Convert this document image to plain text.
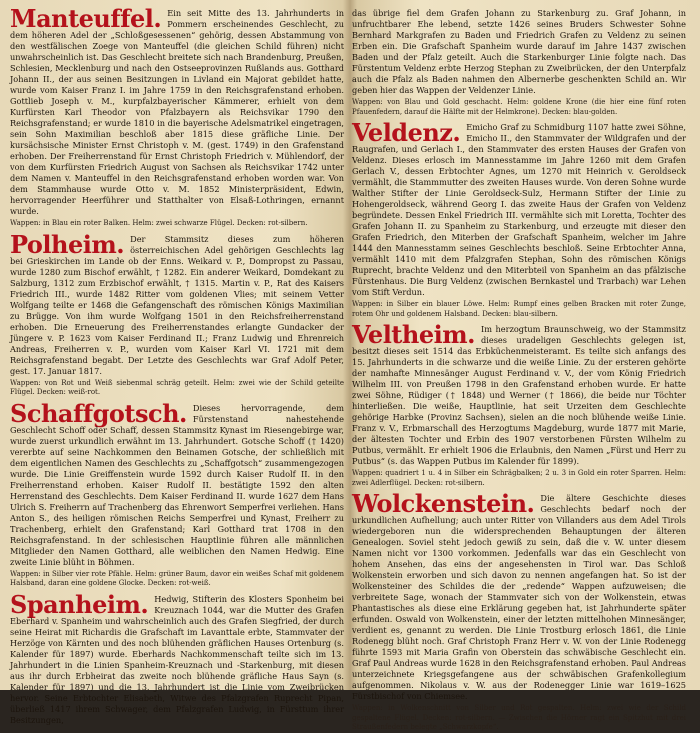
Manteuffel. Ein seit Mitte des 13. Jahrhunderts in Pommern erscheinendes Geschlecht, zu dem höheren Adel der „Schloßgesessenen“ gehörig, dessen Abstammung von den westfälischen Zoege von Manteuffel (die gleichen Schild führen) nicht unwahrscheinlich ist. Das Geschlecht breitete sich nach Brandenburg, Preußen, Schlesien, Mecklenburg und nach den Ostseeprovinzen Rußlands aus. Gotthard Johann II., der aus seinen Besitzungen in Livland ein Majorat gebildet hatte, wurde vom Kaiser Franz I. im Jahre 1759 in den Reichsgrafenstand erhoben. Gottlieb Joseph v. M., kurpfalzbayerischer Kämmerer, erhielt von dem Kurfürsten Karl Theodor von Pfalzbayern als Reichsvikar 1790 den Reichsgrafenstand; er wurde 1810 in die bayerische Adelsmatrikel eingetragen, sein Sohn Maximilian beschloß aber 1815 diese gräfliche Linie. Der kursächsische Minister Ernst Christoph v. M. (gest. 1749) in den Grafenstand erhoben. Der Freiherrenstand für Ernst Christoph Friedrich v. Mühlendorf, der von dem Kurfürsten Friedrich August von Sachsen als Reichsvikar 1742 unter dem Namen v. Manteuffel in den Reichsgrafenstand erhoben worden war. Von dem Stammhause wurde Otto v. M. 1852 Ministerpräsident, Edwin, hervorragender Heerführer und Statthalter von Elsaß-Lothringen, ernannt wurde.
Wappen: in Blau ein roter Balken. Helm: zwei schwarze Flügel. Decken: rot-silbern.
Polheim. Der Stammsitz dieses zum höheren österreichischen Adel gehörigen Geschlechts lag bei Grieskirchen im Lande ob der Enns. Weikard v. P., Dompropst zu Passau, wurde 1280 zum Bischof erwählt, † 1282. Ein anderer Weikard, Domdekant zu Salzburg, 1312 zum Erzbischof erwählt, † 1315. Martin v. P., Rat des Kaisers Friedrich III., wurde 1482 Ritter vom goldenen Vlies; mit seinem Vetter Wolfgang teilte er 1468 die Gefangenschaft des römischen Königs Maximilian zu Brügge. Von ihm wurde Wolfgang 1501 in den Reichsfreiherrenstand erhoben. Die Erneuerung des Freiherrenstandes erlangte Gundacker der Jüngere v. P. 1623 vom Kaiser Ferdinand II.; Franz Ludwig und Ehrenreich Andreas, Freiherren v. P., wurden vom Kaiser Karl VI. 1721 mit dem Reichsgrafenstand begabt. Der Letzte des Geschlechts war Graf Adolf Peter, gest. 17. Januar 1817.
Wappen: von Rot und Weiß siebenmal schräg geteilt. Helm: zwei wie der Schild geteilte Flügel. Decken: weiß-rot.
Schaffgotsch. Dieses hervorragende, dem Fürstenstand nahestehende Geschlecht Schoff oder Schaff, dessen Stammsitz Kynast im Riesengebirge war, wurde zuerst urkundlich erwähnt im 13. Jahrhundert. Gotsche Schoff († 1420) vererbte auf seine Nachkommen den Beinamen Gotsche, der schließlich mit dem eigentlichen Namen des Geschlechts zu „Schaffgotsch“ zusammengezogen wurde. Die Linie Greiffenstein wurde 1592 durch Kaiser Rudolf II. in den Freiherrenstand erhoben. Kaiser Rudolf II. bestätigte 1592 den alten Herrenstand des Geschlechts. Dem Kaiser Ferdinand II. wurde 1627 dem Hans Ulrich S. Freiherrn auf Trachenberg das Ehrenwort Semperfrei verliehen. Hans Anton S., des heiligen römischen Reichs Semperfrei und Kynast, Freiherr zu Trachenberg, erhielt den Grafenstand; Karl Gotthard trat 1708 in den Reichsgrafenstand. In der schlesischen Hauptlinie führen alle männlichen Mitglieder den Namen Gotthard, alle weiblichen den Namen Hedwig. Eine zweite Linie blüht in Böhmen.
Wappen: in Silber vier rote Pfähle. Helm: grüner Baum, davor ein weißes Schaf mit goldenem Halsband, daran eine goldene Glocke. Decken: rot-weiß.
Spanheim. Hedwig, Stifterin des Klosters Sponheim bei Kreuznach 1044, war die Mutter des Grafen Eberhard v. Spanheim und wahrscheinlich auch des Grafen Siegfried, der durch seine Heirat mit Richardis die Grafschaft im Lavanttale erbte, Stammvater der Herzöge von Kärnten und des noch blühenden gräflichen Hauses Ortenburg (s. Kalender für 1897) wurde. Eberhards Nachkommenschaft teilte sich im 13. Jahrhundert in die Linien Spanheim-Kreuznach und -Starkenburg, mit diesen aus ihr durch Erbheirat das zweite noch blühende gräfliche Haus Sayn (s. Kalender für 1897) und die 13. Jahrhundert ist die Linie vom Zweibrücken hervor. Seine Erbtochter Elisabeth, Witwe des Pfalzgrafen Ruprecht Pipan, überließ 1417 ihrem Schwager, dem Pfalzgrafen Ludwig, in Fürsttum ihrer Besitzungen,
das übrige fiel dem Grafen Johann zu Starkenburg zu. Graf Johann, in unfruchtbarer Ehe lebend, setzte 1426 seines Bruders Schwester Sohne Bernhard Markgrafen zu Baden und Friedrich Grafen zu Veldenz zu seinen Erben ein. Die Grafschaft Spanheim wurde darauf im Jahre 1437 zwischen Baden und der Pfalz geteilt. Auch die Starkenburger Linie folgte nach. Das Fürstentum Veldenz erbte Herzog Stephan zu Zweibrücken, der den Unterpfalz auch die Pfalz als Baden nahmen den Albernerbe geschenkten Schild an. Wir geben hier das Wappen der Veldenzer Linie.
Wappen: von Blau und Gold geschacht. Helm: goldene Krone (die hier eine fünf roten Pfauenfedern, darauf die Hälfte mit der Helmkrone). Decken: blau-golden.
Veldenz. Emicho Graf zu Schmidburg 1107 hatte zwei Söhne, Emicho II., den Stammvater der Wildgrafen und der Raugrafen, und Gerlach I., den Stammvater des ersten Hauses der Grafen von Veldenz. Dieses erlosch im Mannesstamme im Jahre 1260 mit dem Grafen Gerlach V., dessen Erbtochter Agnes, um 1270 mit Heinrich v. Geroldseck vermählt, die Stammmutter des zweiten Hauses wurde. Von deren Sohne wurde Walther Stifter der Linie Geroldseck-Sulz, Hermann Stifter der Linie zu Hohengeroldseck, während Georg I. das zweite Haus der Grafen von Veldenz begründete. Dessen Enkel Friedrich III. vermählte sich mit Loretta, Tochter des Grafen Johann II. zu Spanheim zu Starkenburg, und erzeugte mit dieser den Grafen Friedrich, den Miterben der Grafschaft Spanheim, welcher im Jahre 1444 den Mannesstamm seines Geschlechts beschloß. Seine Erbtochter Anna, vermählt 1410 mit dem Pfalzgrafen Stephan, Sohn des römischen Königs Ruprecht, brachte Veldenz und den Miterbteil von Spanheim an das pfälzische Fürstenhaus. Die Burg Veldenz (zwischen Bernkastel und Trarbach) war Lehen vom Stift Verdun.
Wappen: in Silber ein blauer Löwe. Helm: Rumpf eines gelben Bracken mit roter Zunge, rotem Ohr und goldenem Halsband. Decken: blau-silbern.
Veltheim. Im herzogtum Braunschweig, wo der Stammsitz dieses uradeligen Geschlechts gelegen ist, besitzt dieses seit 1514 das Erbküchenmeisteramt. Es teilte sich anfangs des 15. Jahrhunderts in die schwarze und die weiße Linie. Zu der ersteren gehörte der namhafte Minnesänger August Ferdinand v. V., der vom König Friedrich Wilhelm III. von Preußen 1798 in den Grafenstand erhoben wurde. Er hatte zwei Söhne, Rüdiger († 1848) und Werner († 1866), die beide nur Töchter hinterließen. Die weiße, Hauptlinie, hat seit Urzeiten dem Geschlechte gehörige Harbke (Provinz Sachsen), sielen an die noch blühende weiße Linie. Franz v. V., Erbmarschall des Herzogtums Magdeburg, wurde 1877 mit Marie, der ältesten Tochter und Erbin des 1907 verstorbenen Fürsten Wilhelm zu Putbus, vermählt. Er erhielt 1906 die Erlaubnis, den Namen „Fürst und Herr zu Putbus“ (s. das Wappen Putbus im Kalender für 1899).
Wappen: quadriert 1 u. 4 in Silber ein Schrägbalken; 2 u. 3 in Gold ein roter Sparren. Helm: zwei Adlerflügel. Decken: rot-silbern.
Wolckenstein. Die ältere Geschichte dieses Geschlechts bedarf noch der urkundlichen Aufhellung; auch unter Ritter von Villanders aus dem Adel Tirols wiedergeboren nun die widersprechenden Behauptungen der älteren Genealogen. Soviel steht jedoch gewiß zu sein, daß die v. W. unter diesem Namen nicht vor 1300 vorkommen. Jedenfalls war das ein Geschlecht von hohem Ansehen, das eins der angesehensten in Tirol war. Das Schloß Wolkenstein erworben und sich davon zu nennen angefangen hat. So ist der Wolkensteiner des Schildes die der „redende“ Wappen aufzuweisen; die verbreitete Sage, wonach der Stammvater sich von der Wolkenstein, etwas Phantastisches als diese eine Erklärung gegeben hat, ist Jahrhunderte später erfunden. Oswald von Wolkenstein, einer der letzten mittelhohen Minnesänger, verdient es, genannt zu werden. Die Linie Trostburg erlosch 1861, die Linie Rodenegg blüht noch. Graf Christoph Franz Herr v. W. von der Linie Rodenegg führte 1593 mit Maria Grafin von Oberstein das schwäbische Geschlecht ein. Graf Paul Andreas wurde 1628 in den Reichsgrafenstand erhoben. Paul Andreas unterzeichnete Kriegsgefangene aus der schwäbischen Grafenkollegium aufgenommen. Nikolaus v. W. aus der Rodenegger Linie war 1619–1625 Fürstbischof von Chiemsee.
Wappen: in Wolkenschnitt von Silber und Rot gespalten. Helm: zwei wie der Schild gespaltene Flügel. Decken: rot-silbern. — Zwischen die Hörner ragt ein Spitzhut mit drei Straußenfedern belegte „Schwarzkopfe“.
